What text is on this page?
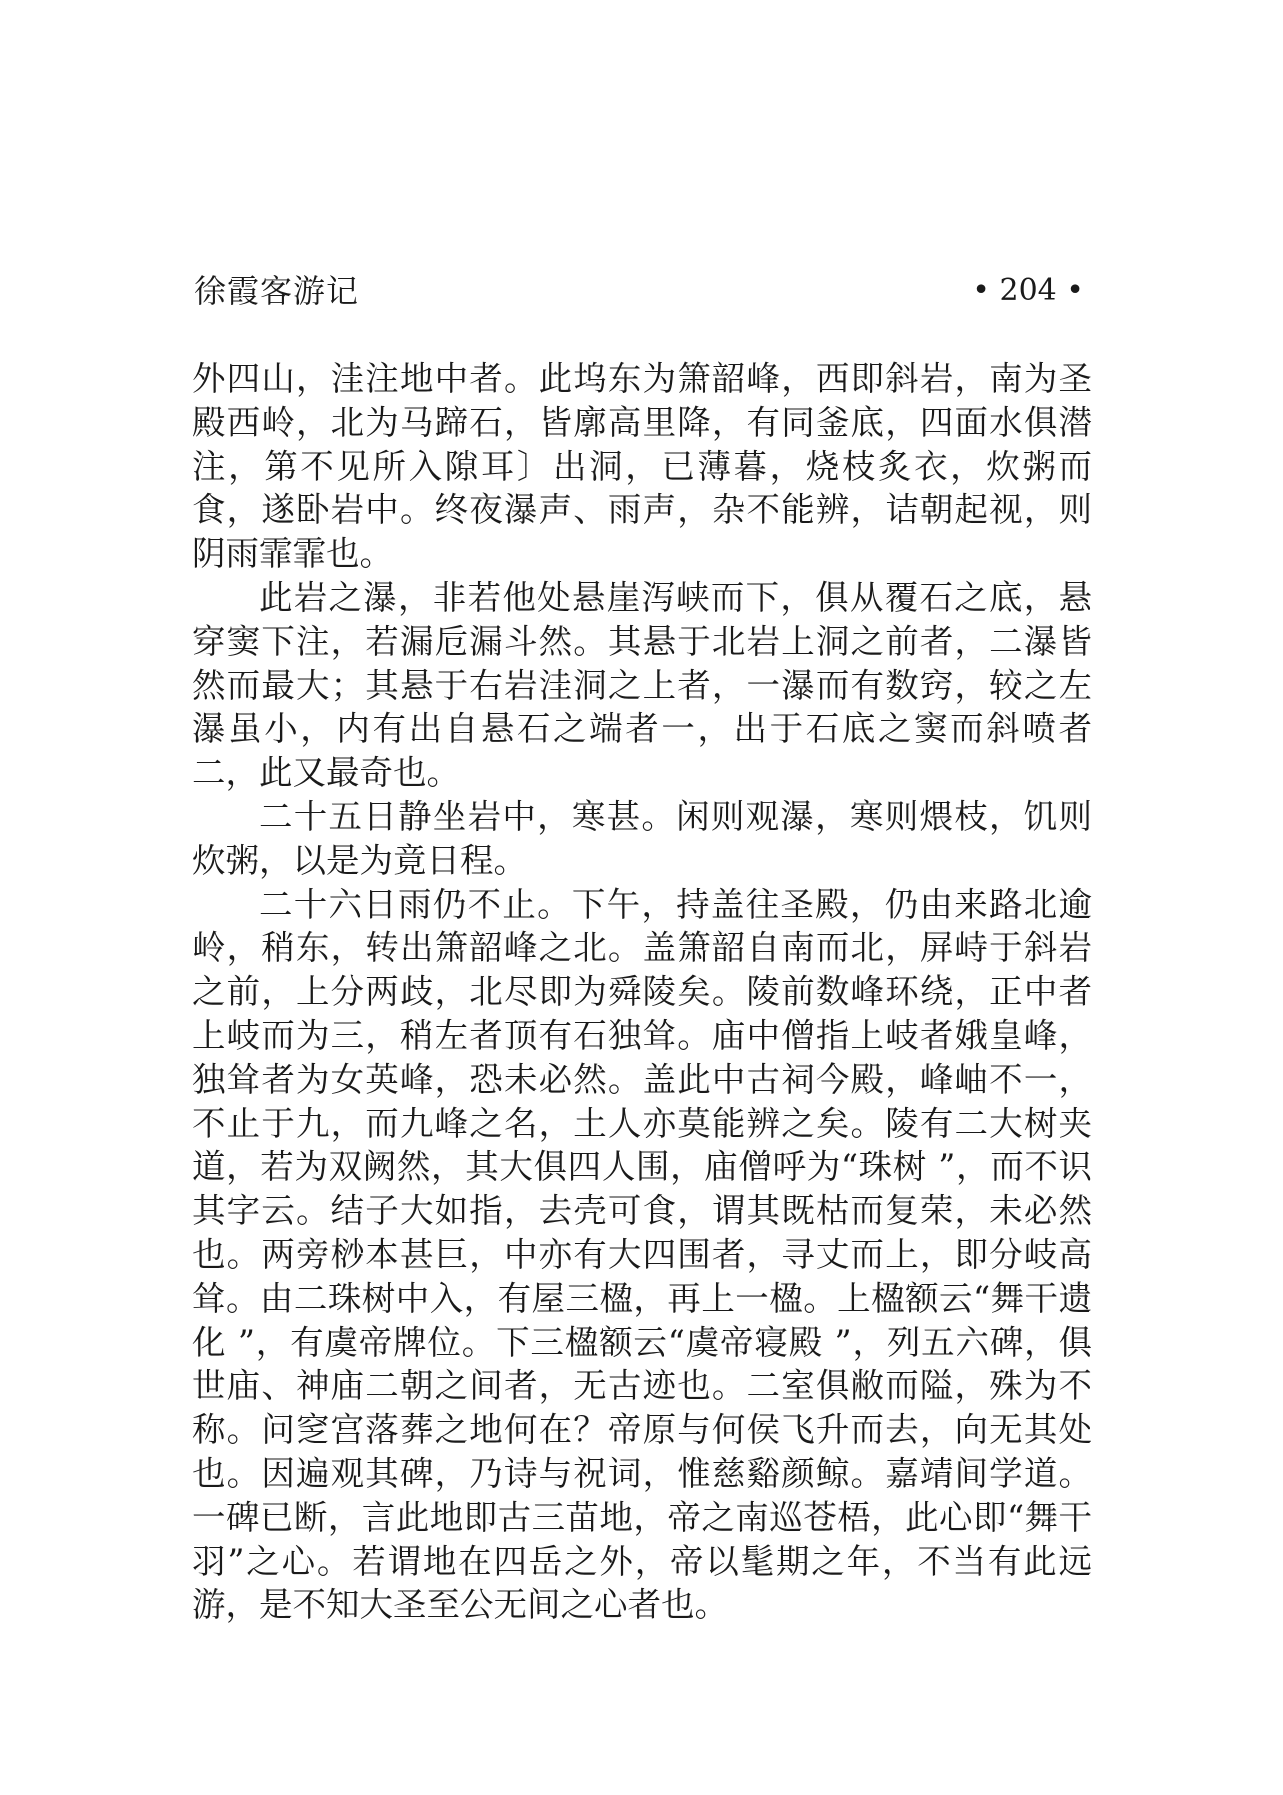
徐霞客游记	• 204 •

外四山，洼注地中者。此坞东为箫韶峰，西即斜岩，南为圣殿西岭，北为马蹄石，皆廓高里降，有同釜底，四面水俱潜注，第不见所入隙耳〕出洞，已薄暮，烧枝炙衣，炊粥而食，遂卧岩中。终夜瀑声、雨声，杂不能辨，诘朝起视，则阴雨霏霏也。

此岩之瀑，非若他处悬崖泻峡而下，俱从覆石之底，悬穿窦下注，若漏卮漏斗然。其悬于北岩上洞之前者，二瀑皆然而最大；其悬于右岩洼洞之上者，一瀑而有数窍，较之左瀑虽小，内有出自悬石之端者一，出于石底之窦而斜喷者二，此又最奇也。

二十五日静坐岩中，寒甚。闲则观瀑，寒则煨枝，饥则炊粥，以是为竟日程。

二十六日雨仍不止。下午，持盖往圣殿，仍由来路北逾岭，稍东，转出箫韶峰之北。盖箫韶自南而北，屏峙于斜岩之前，上分两歧，北尽即为舜陵矣。陵前数峰环绕，正中者上岐而为三，稍左者顶有石独耸。庙中僧指上岐者娥皇峰，独耸者为女英峰，恐未必然。盖此中古祠今殿，峰岫不一，不止于九，而九峰之名，土人亦莫能辨之矣。陵有二大树夹道，若为双阙然，其大俱四人围，庙僧呼为“珠树 ”，而不识其字云。结子大如指，去壳可食，谓其既枯而复荣，未必然也。两旁桫本甚巨，中亦有大四围者，寻丈而上，即分岐高耸。由二珠树中入，有屋三楹，再上一楹。上楹额云“舞干遗化 ”，有虞帝牌位。下三楹额云“虞帝寝殿 ”，列五六碑，俱世庙、神庙二朝之间者，无古迹也。二室俱敝而隘，殊为不称。问窆宫落葬之地何在？帝原与何侯飞升而去，向无其处也。因遍观其碑，乃诗与祝词，惟慈谿颜鲸。嘉靖间学道。一碑已断，言此地即古三苗地，帝之南巡苍梧，此心即“舞干羽”之心。若谓地在四岳之外，帝以髦期之年，不当有此远游，是不知大圣至公无间之心者也。
